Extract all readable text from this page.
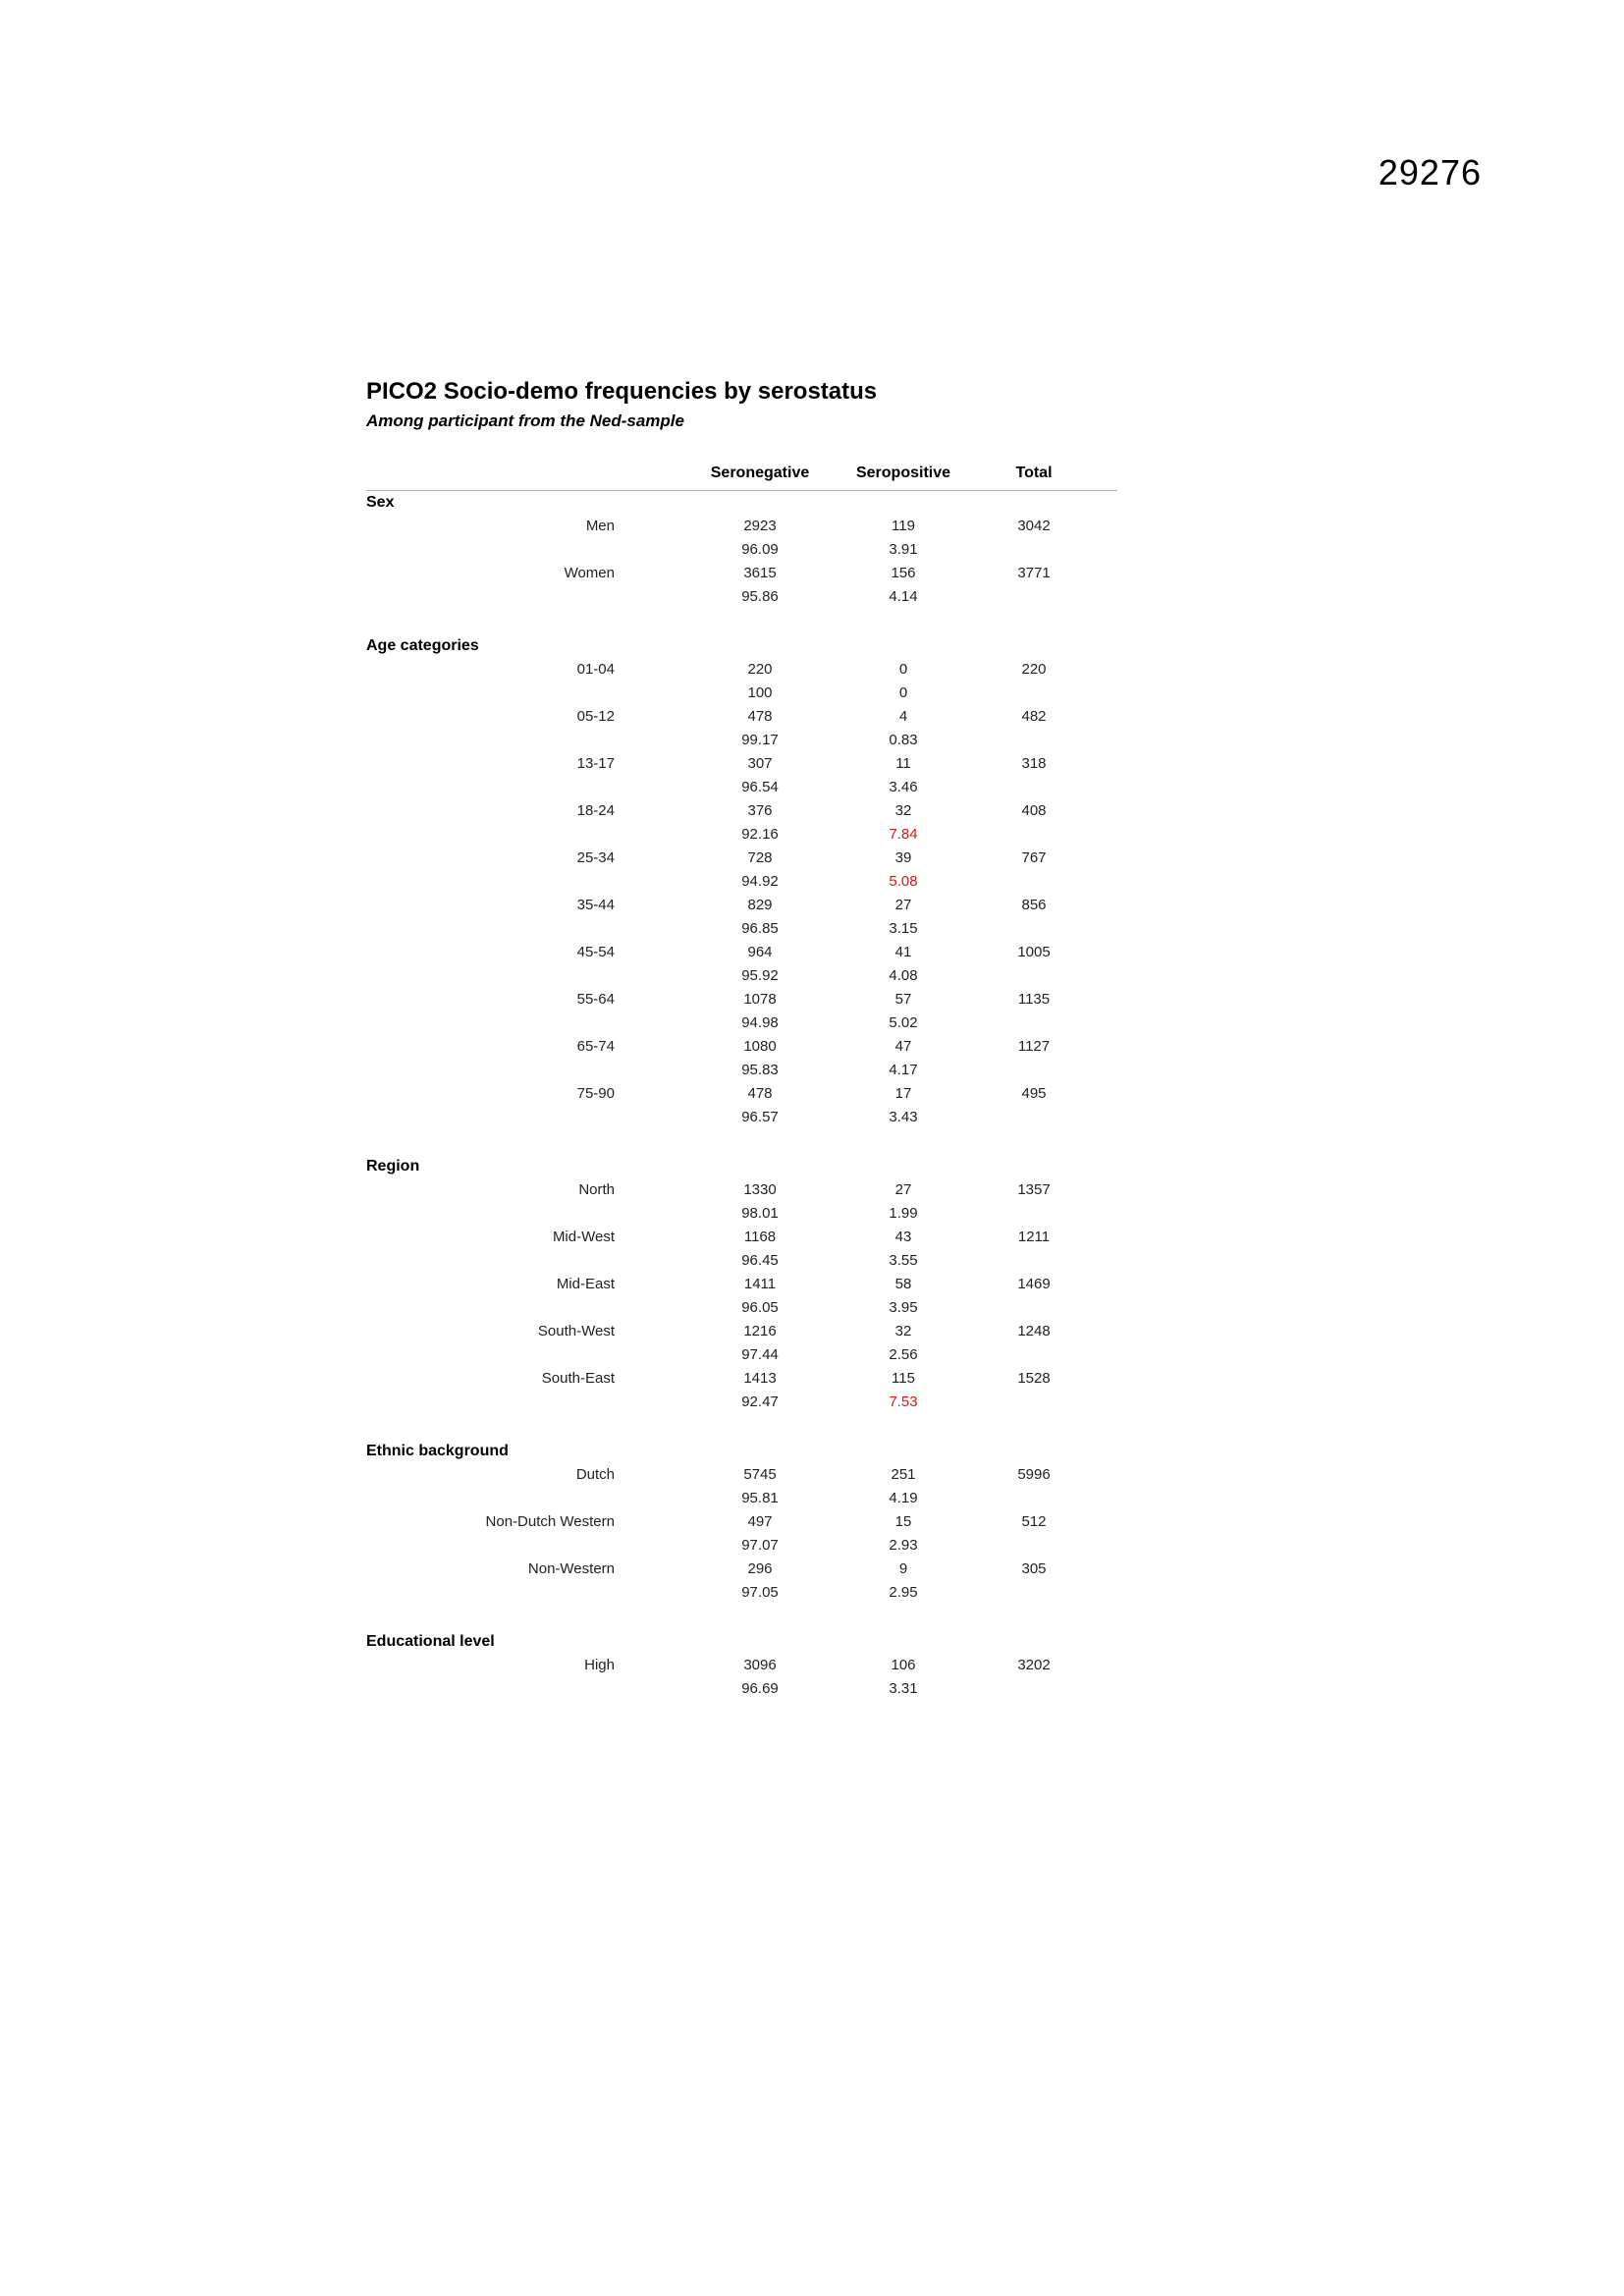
29276
PICO2 Socio-demo frequencies by serostatus

Among participant from the Ned-sample

Seronegative	Seropositive	Total
Sex
Men	2923	119	3042
96.09	3.91
Women	3615	156	3771
95.86	4.14
Age categories
01-04	220	0	220
100	0
05-12	478	4	482
99.17	0.83
13-17	307	11	318
96.54	3.46
18-24	376	32	408
92.16	7.84
25-34	728	39	767
94.92	5.08
35-44	829	27	856
96.85	3.15
45-54	964	41	1005
95.92	4.08
55-64	1078	57	1135
94.98	5.02
65-74	1080	47	1127
95.83	4.17
75-90	478	17	495
96.57	3.43
Region
North	1330	27	1357
98.01	1.99
Mid-West	1168	43	1211
96.45	3.55
Mid-East	1411	58	1469
96.05	3.95
South-West	1216	32	1248
97.44	2.56
South-East	1413	115	1528
92.47	7.53
Ethnic background
Dutch	5745	251	5996
95.81	4.19
Non-Dutch Western	497	15	512
97.07	2.93
Non-Western	296	9	305
97.05	2.95
Educational level
High	3096	106	3202
96.69	3.31
